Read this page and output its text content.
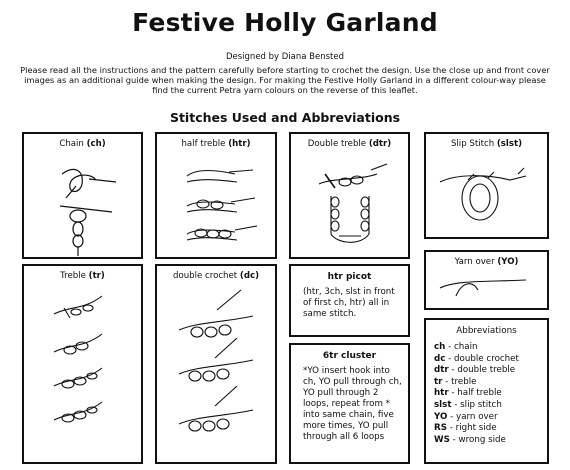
Festive Holly Garland
Designed by Diana Bensted
Please read all the instructions and the pattern carefully before starting to crochet the design. Use the close up and front cover images as an additional guide when making the design. For making the Festive Holly Garland in a different colour-way please find the current Petra yarn colours on the reverse of this leaflet.
Stitches Used and Abbreviations
Chain (ch)	half treble (htr)	Double treble (dtr)	Slip Stitch (slst)
Treble (tr)	double crochet (dc)	htr picot
(htr, 3ch, slst in front of first ch, htr) all in same stitch.
6tr cluster
*YO insert hook into ch, YO pull through ch, YO pull through 2 loops, repeat from * into same chain, five more times, YO pull through all 6 loops
Yarn over (YO)
Abbreviations
ch - chain
dc - double crochet
dtr - double treble
tr - treble
htr - half treble
slst - slip stitch
YO - yarn over
RS - right side
WS - wrong side
